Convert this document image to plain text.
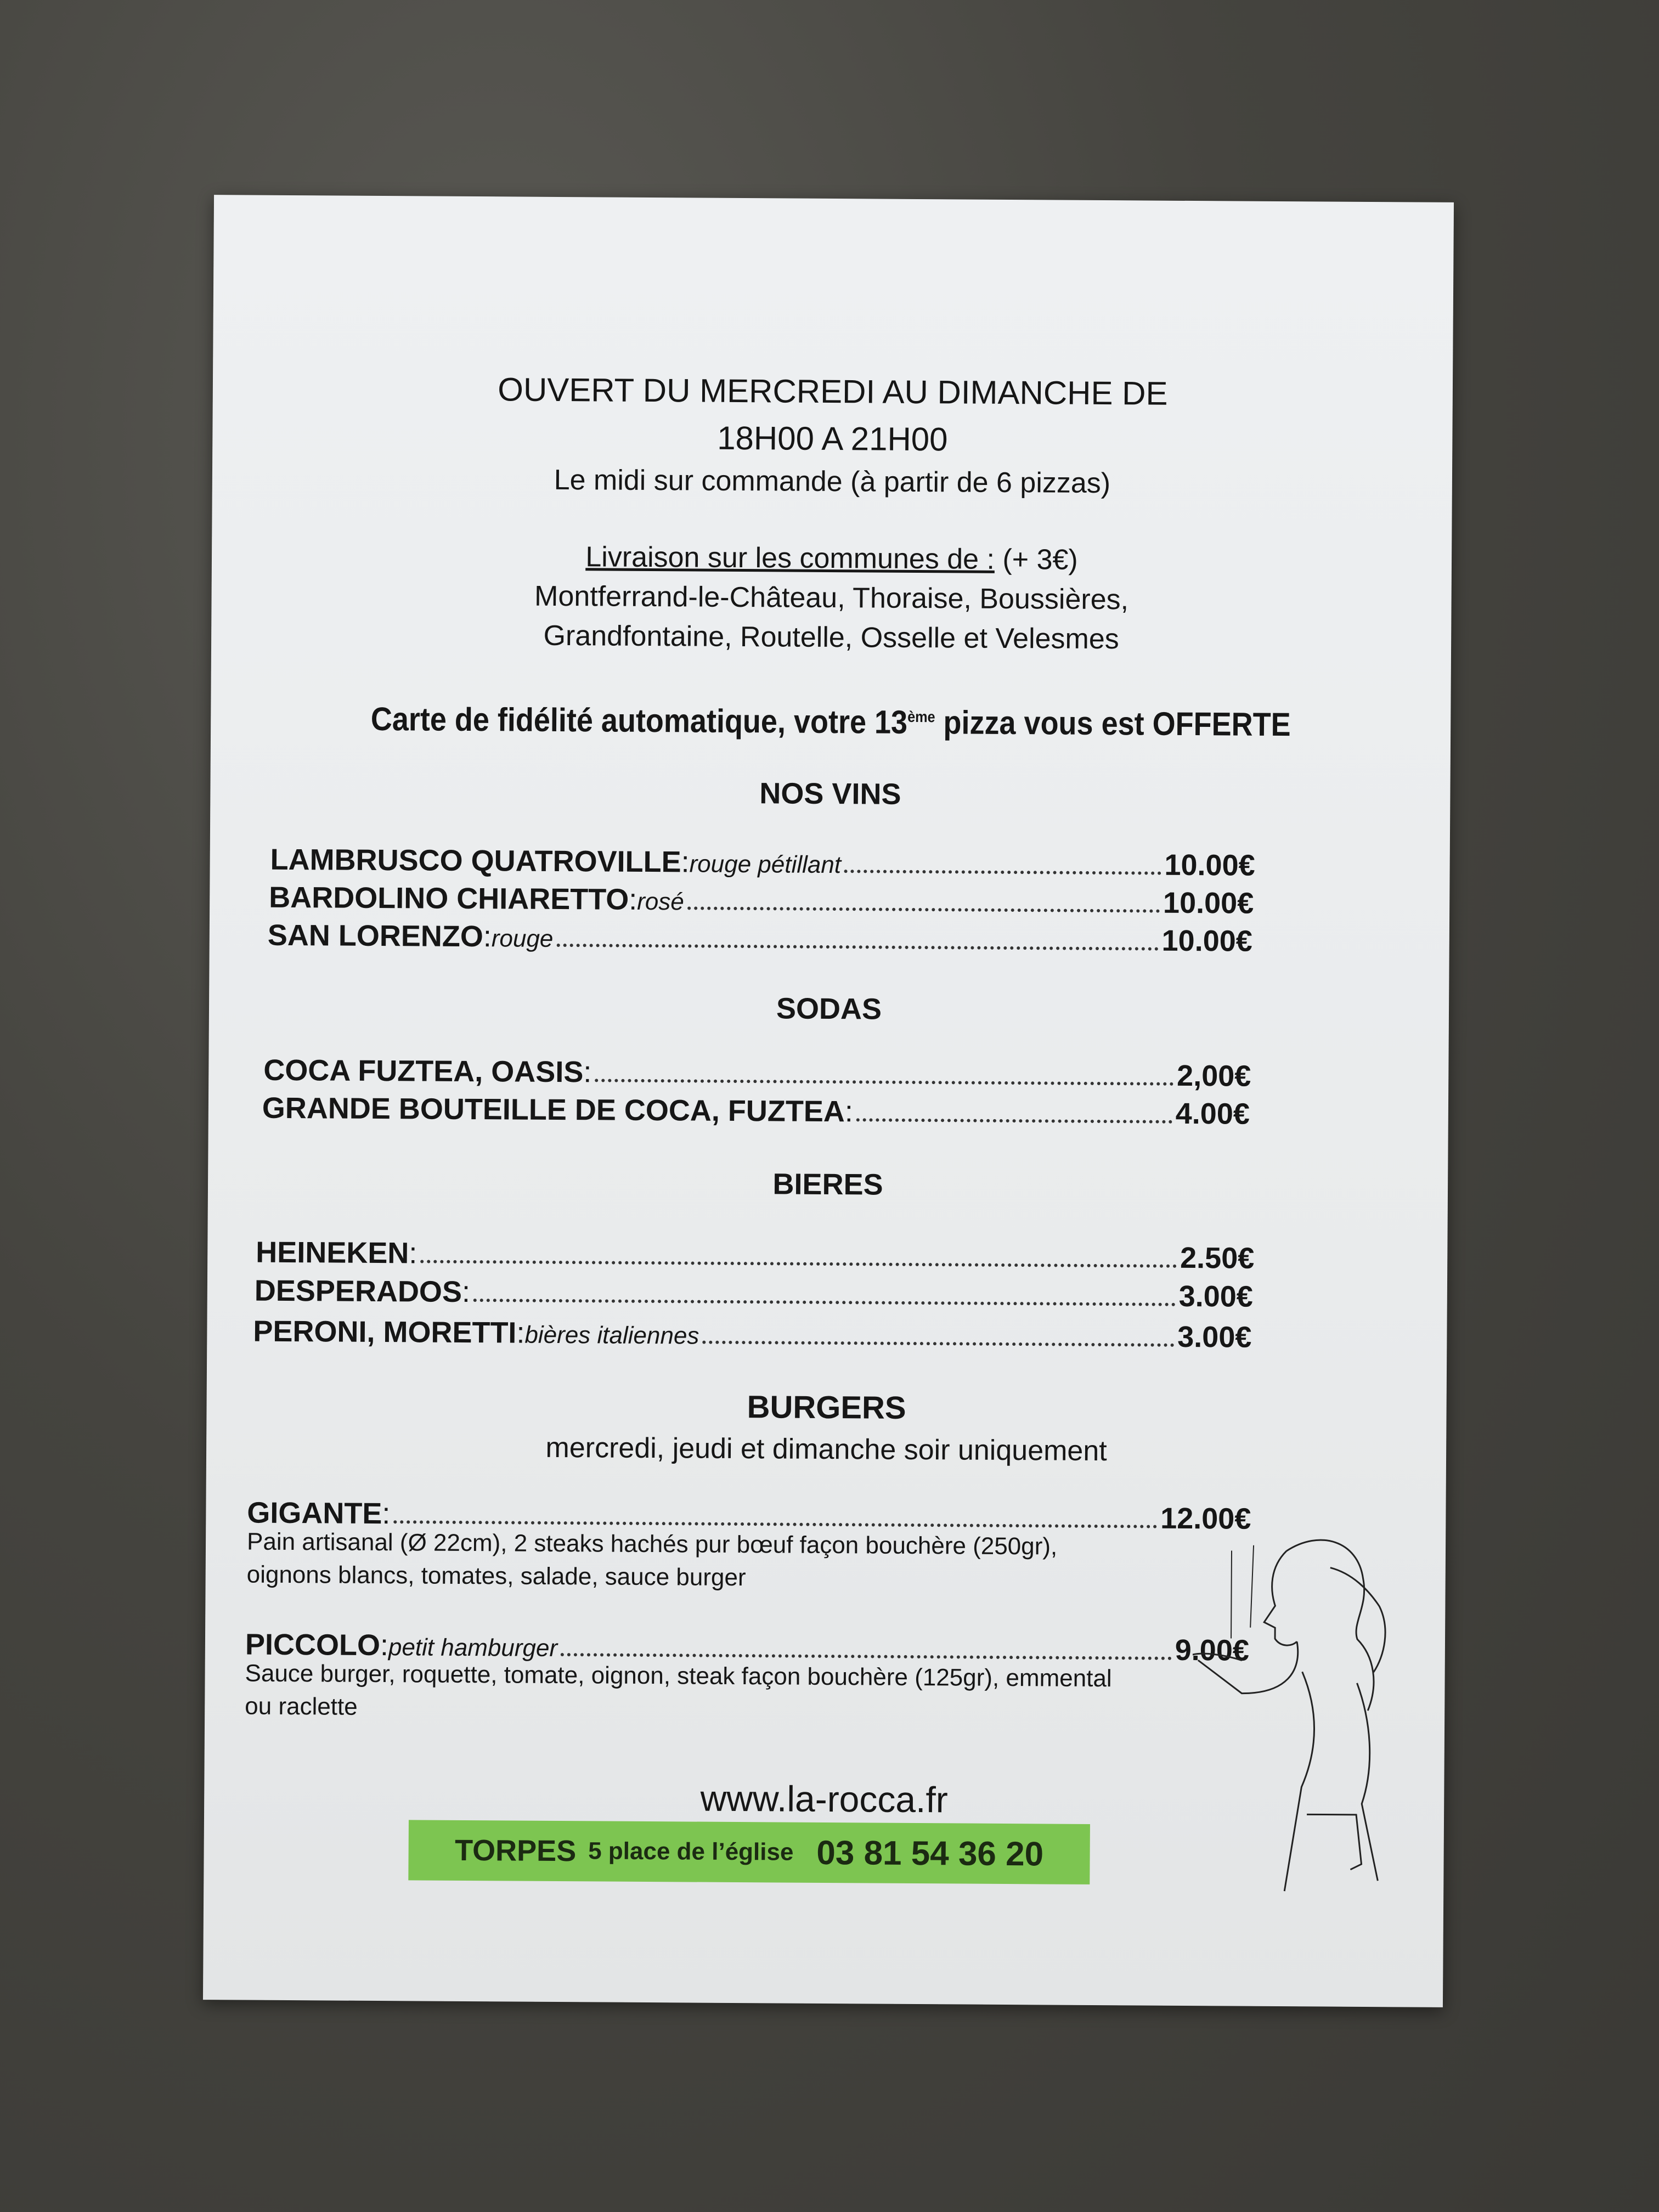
OUVERT DU MERCREDI AU DIMANCHE DE
18H00 A 21H00
Le midi sur commande (à partir de 6 pizzas)
Livraison sur les communes de : (+ 3€)
Montferrand-le-Château, Thoraise, Boussières,
Grandfontaine, Routelle, Osselle et Velesmes
Carte de fidélité automatique, votre 13ème pizza vous est OFFERTE
NOS VINS
SODAS
BIERES
BURGERS
mercredi, jeudi et dimanche soir uniquement
LAMBRUSCO QUATROVILLE : rouge pétillant	10.00€
BARDOLINO CHIARETTO : rosé	10.00€
SAN LORENZO : rouge	10.00€
COCA FUZTEA, OASIS :	2,00€
GRANDE BOUTEILLE DE COCA, FUZTEA :	4.00€
HEINEKEN :	2.50€
DESPERADOS :	3.00€
PERONI, MORETTI : bières italiennes	3.00€
GIGANTE :	12.00€
Pain artisanal (Ø 22cm), 2 steaks hachés pur bœuf façon bouchère (250gr),
oignons blancs, tomates, salade, sauce burger
PICCOLO : petit hamburger	9.00€
Sauce burger, roquette, tomate, oignon, steak façon bouchère (125gr), emmental
ou raclette
www.la-rocca.fr
TORPES 5 place de l’église 03 81 54 36 20
